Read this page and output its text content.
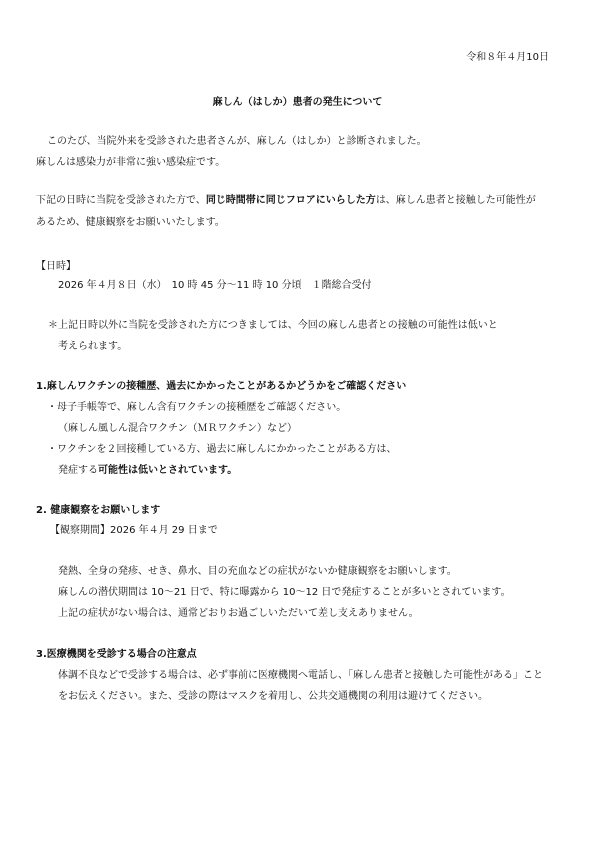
令和８年４月10日

麻しん（はしか）患者の発生について

このたび、当院外来を受診された患者さんが、麻しん（はしか）と診断されました。

麻しんは感染力が非常に強い感染症です。

下記の日時に当院を受診された方で、同じ時間帯に同じフロアにいらした方は、麻しん患者と接触した可能性が

あるため、健康観察をお願いいたします。

【日時】

2026 年４月８日（水）　10 時 45 分～11 時 10 分頃　１階総合受付

＊上記日時以外に当院を受診された方につきましては、今回の麻しん患者との接触の可能性は低いと

考えられます。

1.麻しんワクチンの接種歴、過去にかかったことがあるかどうかをご確認ください

・母子手帳等で、麻しん含有ワクチンの接種歴をご確認ください。

（麻しん風しん混合ワクチン（ＭＲワクチン）など）

・ワクチンを２回接種している方、過去に麻しんにかかったことがある方は、

発症する可能性は低いとされています。

2. 健康観察をお願いします

【観察期間】2026 年４月 29 日まで

発熱、全身の発疹、せき、鼻水、目の充血などの症状がないか健康観察をお願いします。

麻しんの潜伏期間は 10～21 日で、特に曝露から 10～12 日で発症することが多いとされています。

上記の症状がない場合は、通常どおりお過ごしいただいて差し支えありません。

3.医療機関を受診する場合の注意点

体調不良などで受診する場合は、必ず事前に医療機関へ電話し、「麻しん患者と接触した可能性がある」こと

をお伝えください。また、受診の際はマスクを着用し、公共交通機関の利用は避けてください。
